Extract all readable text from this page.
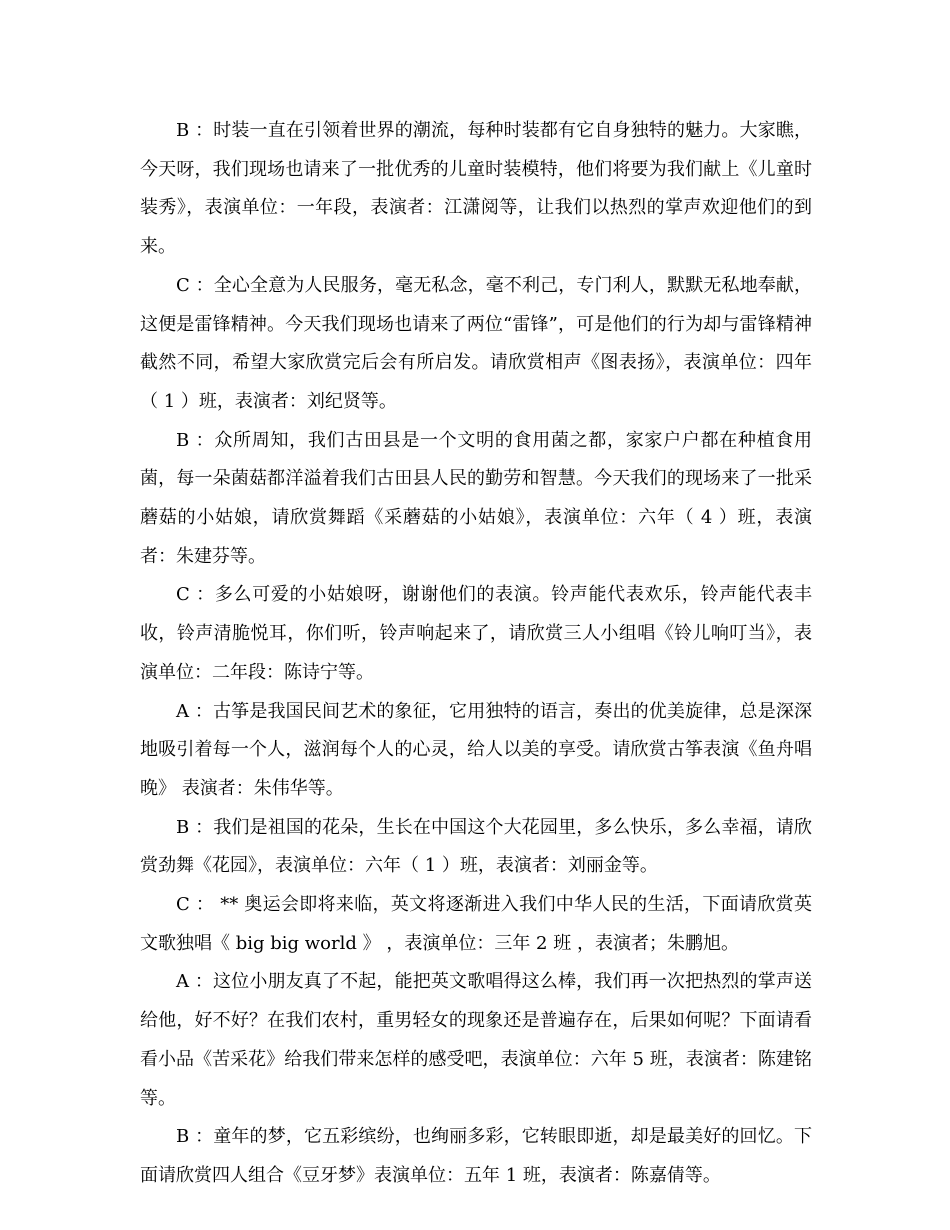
B ：时装一直在引领着世界的潮流，每种时装都有它自身独特的魅力。大家瞧，今天呀，我们现场也请来了一批优秀的儿童时装模特，他们将要为我们献上《儿童时装秀》，表演单位：一年段，表演者：江潇阅等，让我们以热烈的掌声欢迎他们的到来。

C ：全心全意为人民服务，毫无私念，毫不利己，专门利人，默默无私地奉献，这便是雷锋精神。今天我们现场也请来了两位“雷锋”，可是他们的行为却与雷锋精神截然不同，希望大家欣赏完后会有所启发。请欣赏相声《图表扬》，表演单位：四年（ 1 ）班，表演者：刘纪贤等。

B ：众所周知，我们古田县是一个文明的食用菌之都，家家户户都在种植食用菌，每一朵菌菇都洋溢着我们古田县人民的勤劳和智慧。今天我们的现场来了一批采蘑菇的小姑娘，请欣赏舞蹈《采蘑菇的小姑娘》，表演单位：六年（ 4 ）班，表演者：朱建芬等。

C ：多么可爱的小姑娘呀，谢谢他们的表演。铃声能代表欢乐，铃声能代表丰收，铃声清脆悦耳，你们听，铃声响起来了，请欣赏三人小组唱《铃儿响叮当》，表演单位：二年段：陈诗宁等。

A ：古筝是我国民间艺术的象征，它用独特的语言，奏出的优美旋律，总是深深地吸引着每一个人，滋润每个人的心灵，给人以美的享受。请欣赏古筝表演《鱼舟唱晚》 表演者：朱伟华等。

B ：我们是祖国的花朵，生长在中国这个大花园里，多么快乐，多么幸福，请欣赏劲舞《花园》，表演单位：六年（ 1 ）班，表演者：刘丽金等。

C ： ** 奥运会即将来临，英文将逐渐进入我们中华人民的生活，下面请欣赏英文歌独唱《 big big world 》 ，表演单位：三年 2 班 ，表演者；朱鹏旭。

A ：这位小朋友真了不起，能把英文歌唱得这么棒，我们再一次把热烈的掌声送给他，好不好？在我们农村，重男轻女的现象还是普遍存在，后果如何呢？下面请看看小品《苦采花》给我们带来怎样的感受吧，表演单位：六年 5 班，表演者：陈建铭等。

B ：童年的梦，它五彩缤纷，也绚丽多彩，它转眼即逝，却是最美好的回忆。下面请欣赏四人组合《豆牙梦》表演单位：五年 1 班，表演者：陈嘉倩等。
